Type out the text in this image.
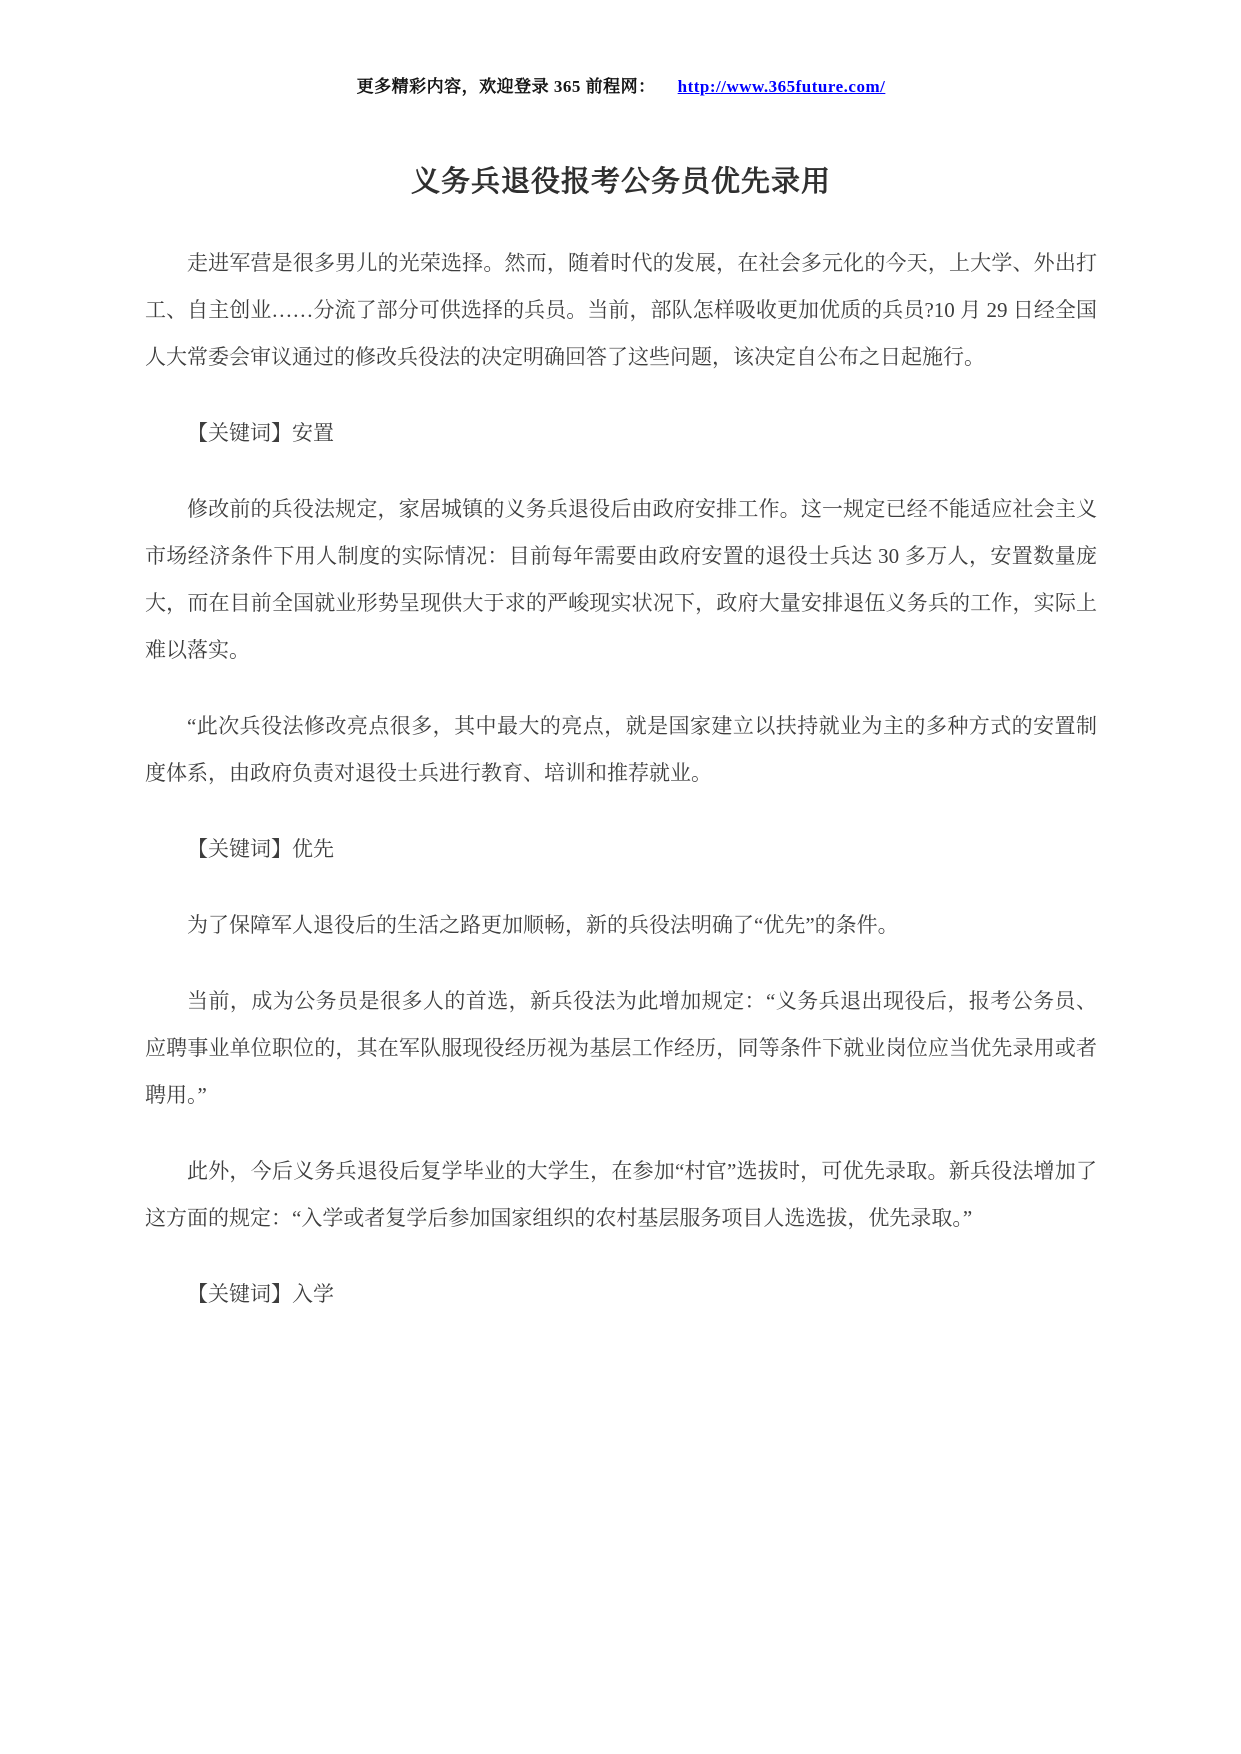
更多精彩内容，欢迎登录 365 前程网： http://www.365future.com/
义务兵退役报考公务员优先录用

走进军营是很多男儿的光荣选择。然而，随着时代的发展，在社会多元化的今天，上大学、外出打工、自主创业……分流了部分可供选择的兵员。当前，部队怎样吸收更加优质的兵员?10 月 29 日经全国人大常委会审议通过的修改兵役法的决定明确回答了这些问题，该决定自公布之日起施行。

【关键词】安置

修改前的兵役法规定，家居城镇的义务兵退役后由政府安排工作。这一规定已经不能适应社会主义市场经济条件下用人制度的实际情况：目前每年需要由政府安置的退役士兵达 30 多万人，安置数量庞大，而在目前全国就业形势呈现供大于求的严峻现实状况下，政府大量安排退伍义务兵的工作，实际上难以落实。

“此次兵役法修改亮点很多，其中最大的亮点，就是国家建立以扶持就业为主的多种方式的安置制度体系，由政府负责对退役士兵进行教育、培训和推荐就业。

【关键词】优先

为了保障军人退役后的生活之路更加顺畅，新的兵役法明确了“优先”的条件。

当前，成为公务员是很多人的首选，新兵役法为此增加规定：“义务兵退出现役后，报考公务员、应聘事业单位职位的，其在军队服现役经历视为基层工作经历，同等条件下就业岗位应当优先录用或者聘用。”

此外，今后义务兵退役后复学毕业的大学生，在参加“村官”选拔时，可优先录取。新兵役法增加了这方面的规定：“入学或者复学后参加国家组织的农村基层服务项目人选选拔，优先录取。”

【关键词】入学
